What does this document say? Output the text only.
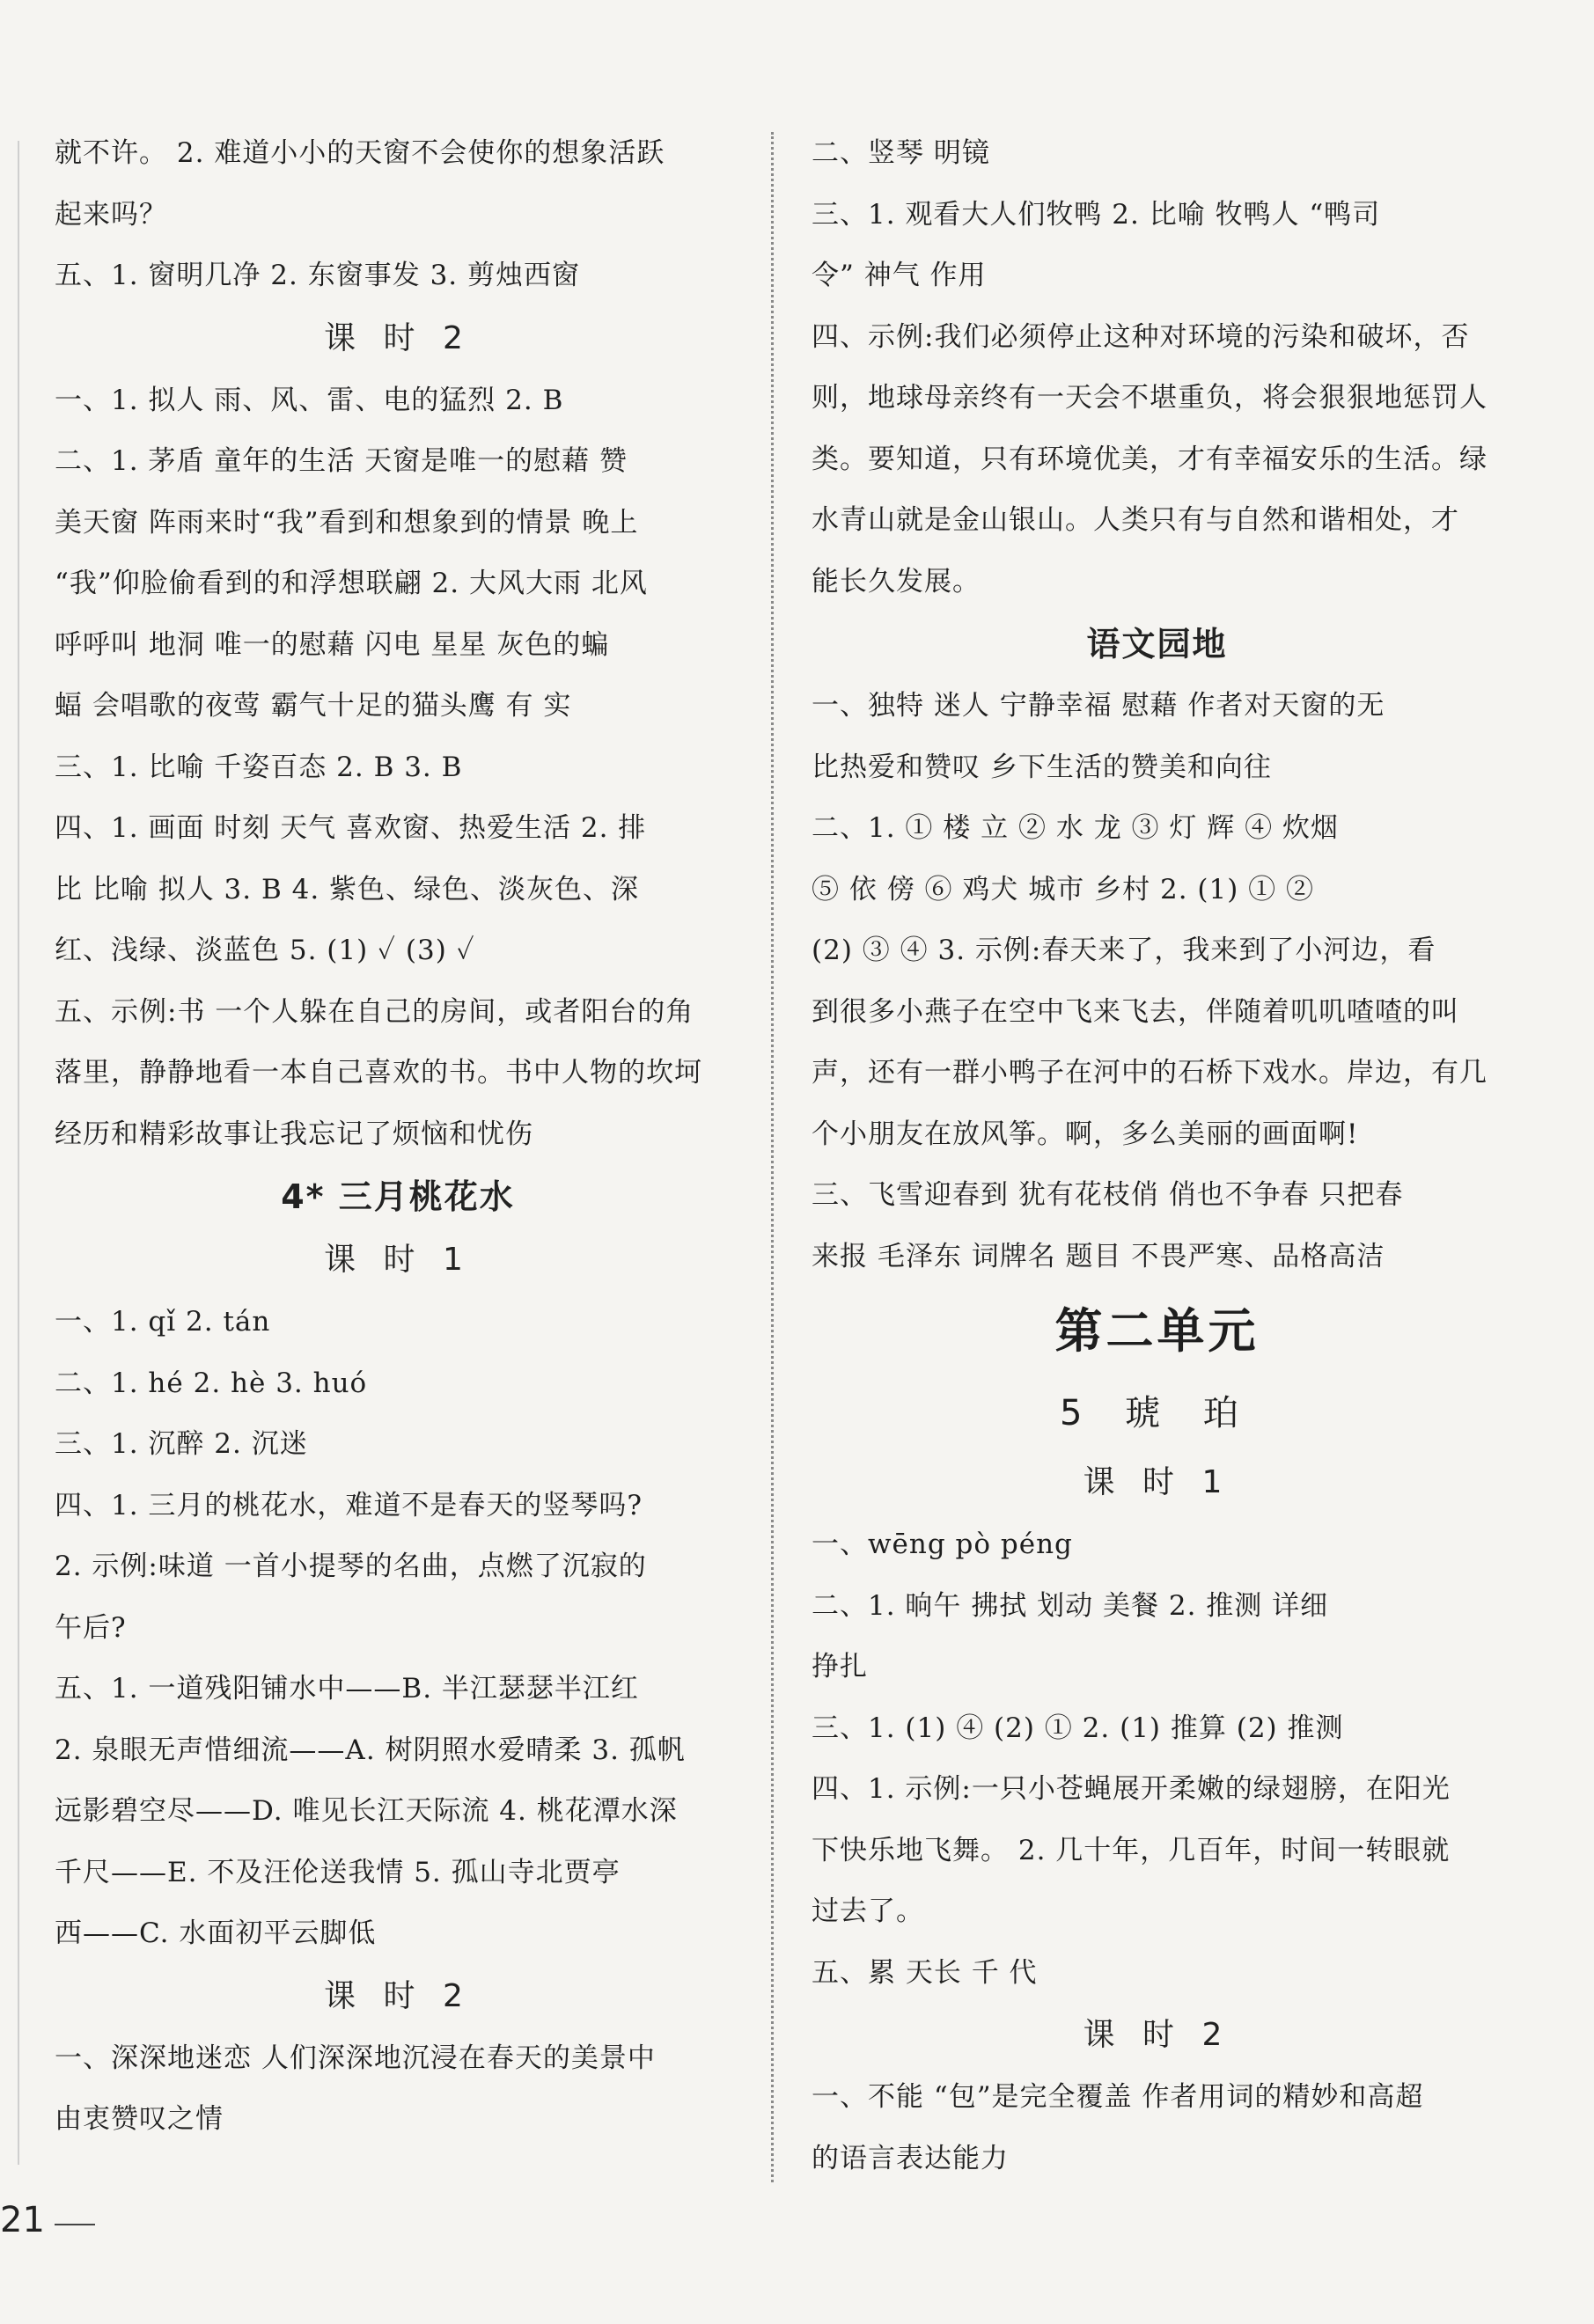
就不许。 2. 难道小小的天窗不会使你的想象活跃
起来吗？
五、1. 窗明几净 2. 东窗事发 3. 剪烛西窗
课 时 2
一、1. 拟人 雨、风、雷、电的猛烈 2. B
二、1. 茅盾 童年的生活 天窗是唯一的慰藉 赞
美天窗 阵雨来时“我”看到和想象到的情景 晚上
“我”仰脸偷看到的和浮想联翩 2. 大风大雨 北风
呼呼叫 地洞 唯一的慰藉 闪电 星星 灰色的蝙
蝠 会唱歌的夜莺 霸气十足的猫头鹰 有 实
三、1. 比喻 千姿百态 2. B 3. B
四、1. 画面 时刻 天气 喜欢窗、热爱生活 2. 排
比 比喻 拟人 3. B 4. 紫色、绿色、淡灰色、深
红、浅绿、淡蓝色 5. (1) ✓ (3) ✓
五、示例:书 一个人躲在自己的房间，或者阳台的角
落里，静静地看一本自己喜欢的书。书中人物的坎坷
经历和精彩故事让我忘记了烦恼和忧伤
4* 三月桃花水
课 时 1
一、1. qǐ 2. tán
二、1. hé 2. hè 3. huó
三、1. 沉醉 2. 沉迷
四、1. 三月的桃花水，难道不是春天的竖琴吗?
2. 示例:味道 一首小提琴的名曲，点燃了沉寂的
午后?
五、1. 一道残阳铺水中——B. 半江瑟瑟半江红
2. 泉眼无声惜细流——A. 树阴照水爱晴柔 3. 孤帆
远影碧空尽——D. 唯见长江天际流 4. 桃花潭水深
千尺——E. 不及汪伦送我情 5. 孤山寺北贾亭
西——C. 水面初平云脚低
课 时 2
一、深深地迷恋 人们深深地沉浸在春天的美景中
由衷赞叹之情
二、竖琴 明镜
三、1. 观看大人们牧鸭 2. 比喻 牧鸭人 “鸭司
令” 神气 作用
四、示例:我们必须停止这种对环境的污染和破坏，否
则，地球母亲终有一天会不堪重负，将会狠狠地惩罚人
类。要知道，只有环境优美，才有幸福安乐的生活。绿
水青山就是金山银山。人类只有与自然和谐相处，才
能长久发展。
语文园地
一、独特 迷人 宁静幸福 慰藉 作者对天窗的无
比热爱和赞叹 乡下生活的赞美和向往
二、1. ① 楼 立 ② 水 龙 ③ 灯 辉 ④ 炊烟
⑤ 依 傍 ⑥ 鸡犬 城市 乡村 2. (1) ① ②
(2) ③ ④ 3. 示例:春天来了，我来到了小河边，看
到很多小燕子在空中飞来飞去，伴随着叽叽喳喳的叫
声，还有一群小鸭子在河中的石桥下戏水。岸边，有几
个小朋友在放风筝。啊，多么美丽的画面啊!
三、飞雪迎春到 犹有花枝俏 俏也不争春 只把春
来报 毛泽东 词牌名 题目 不畏严寒、品格高洁
第二单元
5 琥 珀
课 时 1
一、wēng pò péng
二、1. 晌午 拂拭 划动 美餐 2. 推测 详细
挣扎
三、1. (1) ④ (2) ① 2. (1) 推算 (2) 推测
四、1. 示例:一只小苍蝇展开柔嫩的绿翅膀，在阳光
下快乐地飞舞。 2. 几十年，几百年，时间一转眼就
过去了。
五、累 天长 千 代
课 时 2
一、不能 “包”是完全覆盖 作者用词的精妙和高超
的语言表达能力
21
